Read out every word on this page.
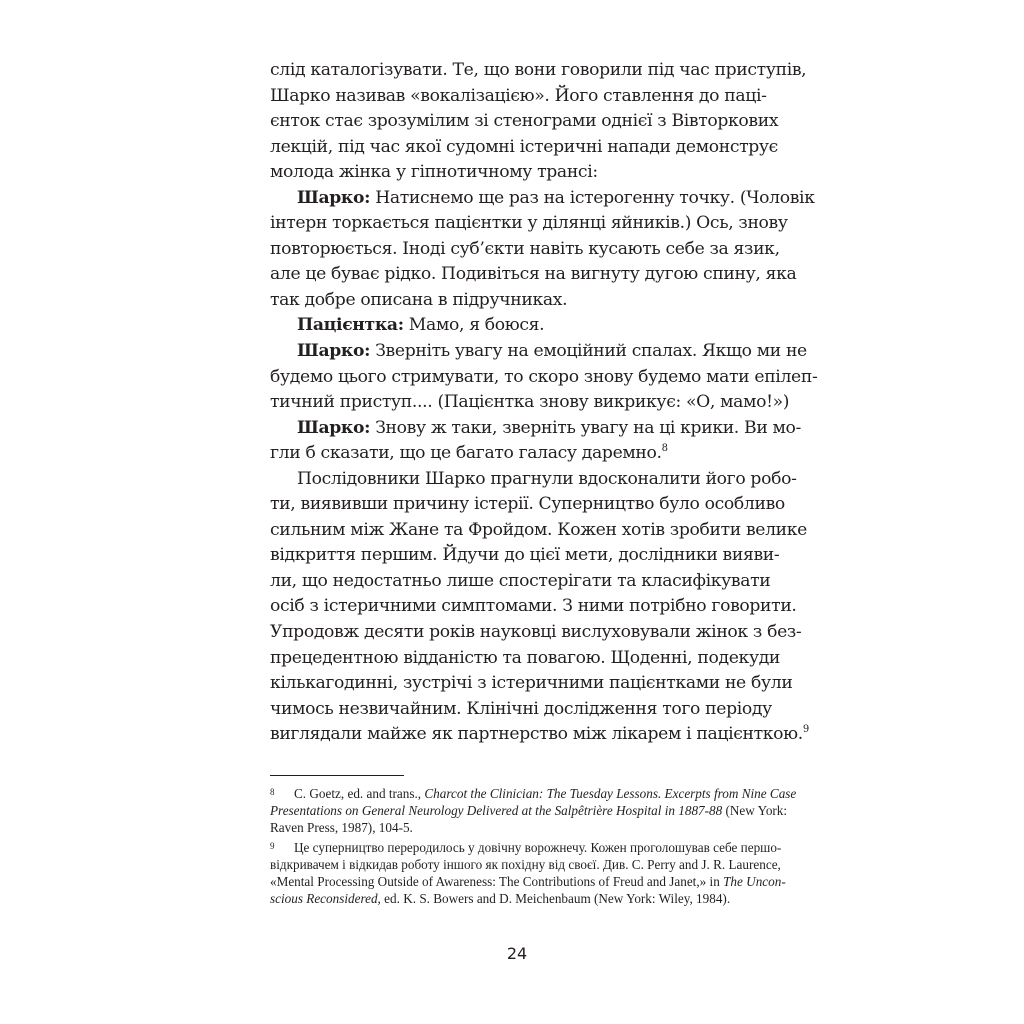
слід каталогізувати. Те, що вони говорили під час приступів,
Шарко називав «вокалізацією». Його ставлення до паці-
єнток стає зрозумілим зі стенограми однієї з Вівторкових
лекцій, під час якої судомні істеричні напади демонструє
молода жінка у гіпнотичному трансі:
Шарко: Натиснемо ще раз на істерогенну точку. (Чоловік
інтерн торкається пацієнтки у ділянці яйників.) Ось, знову
повторюється. Іноді суб’єкти навіть кусають себе за язик,
але це буває рідко. Подивіться на вигнуту дугою спину, яка
так добре описана в підручниках.
Пацієнтка: Мамо, я боюся.
Шарко: Зверніть увагу на емоційний спалах. Якщо ми не
будемо цього стримувати, то скоро знову будемо мати епілеп-
тичний приступ.... (Пацієнтка знову викрикує: «О, мамо!»)
Шарко: Знову ж таки, зверніть увагу на ці крики. Ви мо-
гли б сказати, що це багато галасу даремно.$^8$
Послідовники Шарко прагнули вдосконалити його робо-
ти, виявивши причину істерії. Суперництво було особливо
сильним між Жане та Фройдом. Кожен хотів зробити велике
відкриття першим. Йдучи до цієї мети, дослідники вияви-
ли, що недостатньо лише спостерігати та класифікувати
осіб з істеричними симптомами. З ними потрібно говорити.
Упродовж десяти років науковці вислуховували жінок з без-
прецедентною відданістю та повагою. Щоденні, подекуди
кількагодинні, зустрічі з істеричними пацієнтками не були
чимось незвичайним. Клінічні дослідження того періоду
виглядали майже як партнерство між лікарем і пацієнткою.$^9$
8 C. Goetz, ed. and trans., Charcot the Clinician: The Tuesday Lessons. Excerpts from Nine Case
Presentations on General Neurology Delivered at the Salpêtrière Hospital in 1887-88 (New York:
Raven Press, 1987), 104-5.
9 Це суперництво переродилось у довічну ворожнечу. Кожен проголошував себе першо-
відкривачем і відкидав роботу іншого як похідну від своєї. Див. C. Perry and J. R. Laurence,
«Mental Processing Outside of Awareness: The Contributions of Freud and Janet,» in The Uncon-
scious Reconsidered, ed. K. S. Bowers and D. Meichenbaum (New York: Wiley, 1984).
24
